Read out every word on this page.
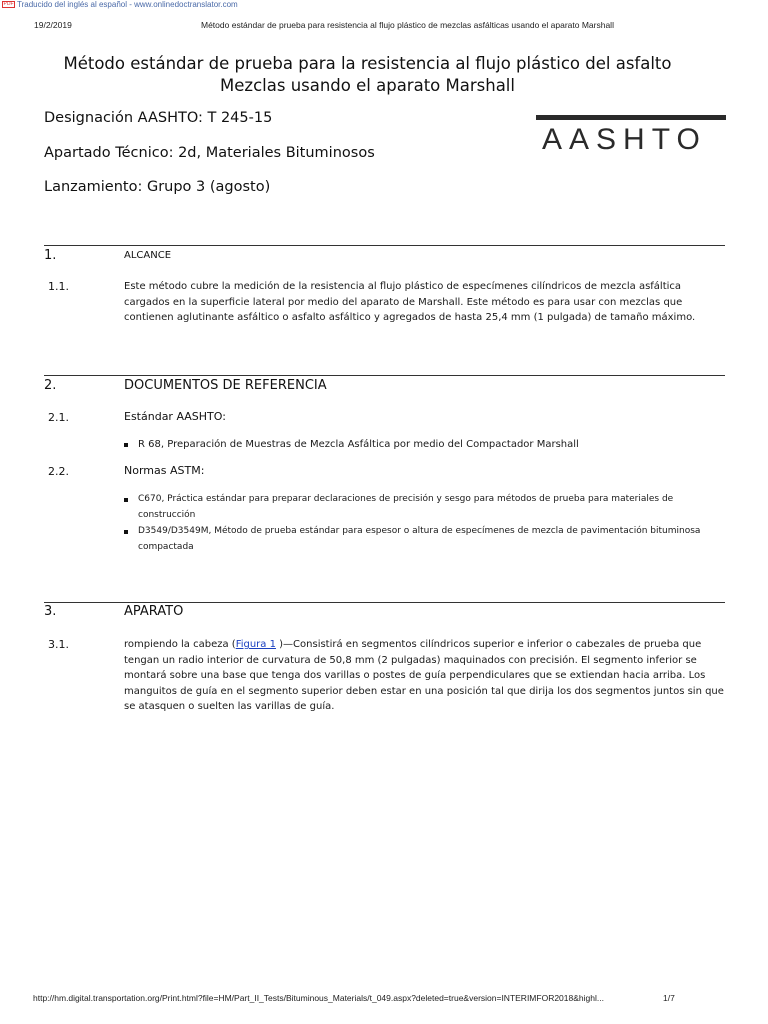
PDF Traducido del inglés al español - www.onlinedoctranslator.com
19/2/2019	Método estándar de prueba para resistencia al flujo plástico de mezclas asfálticas usando el aparato Marshall
Método estándar de prueba para la resistencia al flujo plástico del asfalto
Mezclas usando el aparato Marshall
Designación AASHTO: T 245-15
Apartado Técnico: 2d, Materiales Bituminosos
Lanzamiento: Grupo 3 (agosto)
AASHTO
1.	ALCANCE
1.1.	Este método cubre la medición de la resistencia al flujo plástico de especímenes cilíndricos de mezcla asfáltica cargados en la superficie lateral por medio del aparato de Marshall. Este método es para usar con mezclas que contienen aglutinante asfáltico o asfalto asfáltico y agregados de hasta 25,4 mm (1 pulgada) de tamaño máximo.
2.	DOCUMENTOS DE REFERENCIA
2.1.	Estándar AASHTO:
R 68, Preparación de Muestras de Mezcla Asfáltica por medio del Compactador Marshall
2.2.	Normas ASTM:
C670, Práctica estándar para preparar declaraciones de precisión y sesgo para métodos de prueba para materiales de construcción
D3549/D3549M, Método de prueba estándar para espesor o altura de especímenes de mezcla de pavimentación bituminosa compactada
3.	APARATO
3.1.	rompiendo la cabeza (Figura 1 )—Consistirá en segmentos cilíndricos superior e inferior o cabezales de prueba que tengan un radio interior de curvatura de 50,8 mm (2 pulgadas) maquinados con precisión. El segmento inferior se montará sobre una base que tenga dos varillas o postes de guía perpendiculares que se extiendan hacia arriba. Los manguitos de guía en el segmento superior deben estar en una posición tal que dirija los dos segmentos juntos sin que se atasquen o suelten las varillas de guía.
http://hm.digital.transportation.org/Print.html?file=HM/Part_II_Tests/Bituminous_Materials/t_049.aspx?deleted=true&version=INTERIMFOR2018&highl...	1/7
